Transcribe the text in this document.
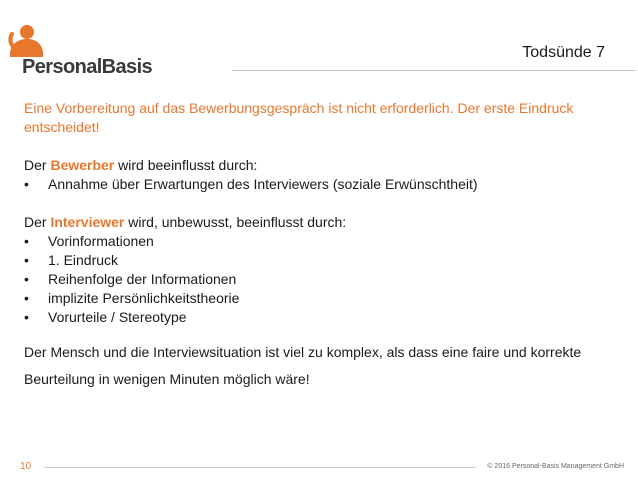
PersonalBasis
Todsünde 7

Eine Vorbereitung auf das Bewerbungsgespräch ist nicht erforderlich. Der erste Eindruck entscheidet!

Der Bewerber wird beeinflusst durch:

• Annahme über Erwartungen des Interviewers (soziale Erwünschtheit)

Der Interviewer wird, unbewusst, beeinflusst durch:

• Vorinformationen
• 1. Eindruck
• Reihenfolge der Informationen
• implizite Persönlichkeitstheorie
• Vorurteile / Stereotype

Der Mensch und die Interviewsituation ist viel zu komplex, als dass eine faire und korrekte

Beurteilung in wenigen Minuten möglich wäre!

10	© 2016 Personal-Basis Management GmbH
